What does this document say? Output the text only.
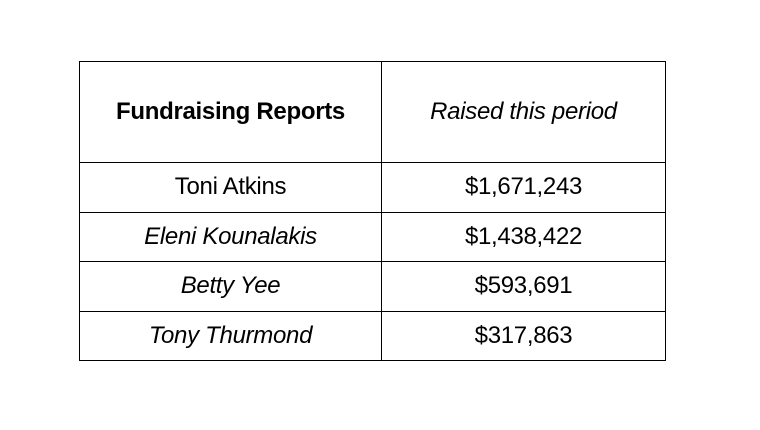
Fundraising Reports	Raised this period
Toni Atkins	$1,671,243
Eleni Kounalakis	$1,438,422
Betty Yee	$593,691
Tony Thurmond	$317,863
